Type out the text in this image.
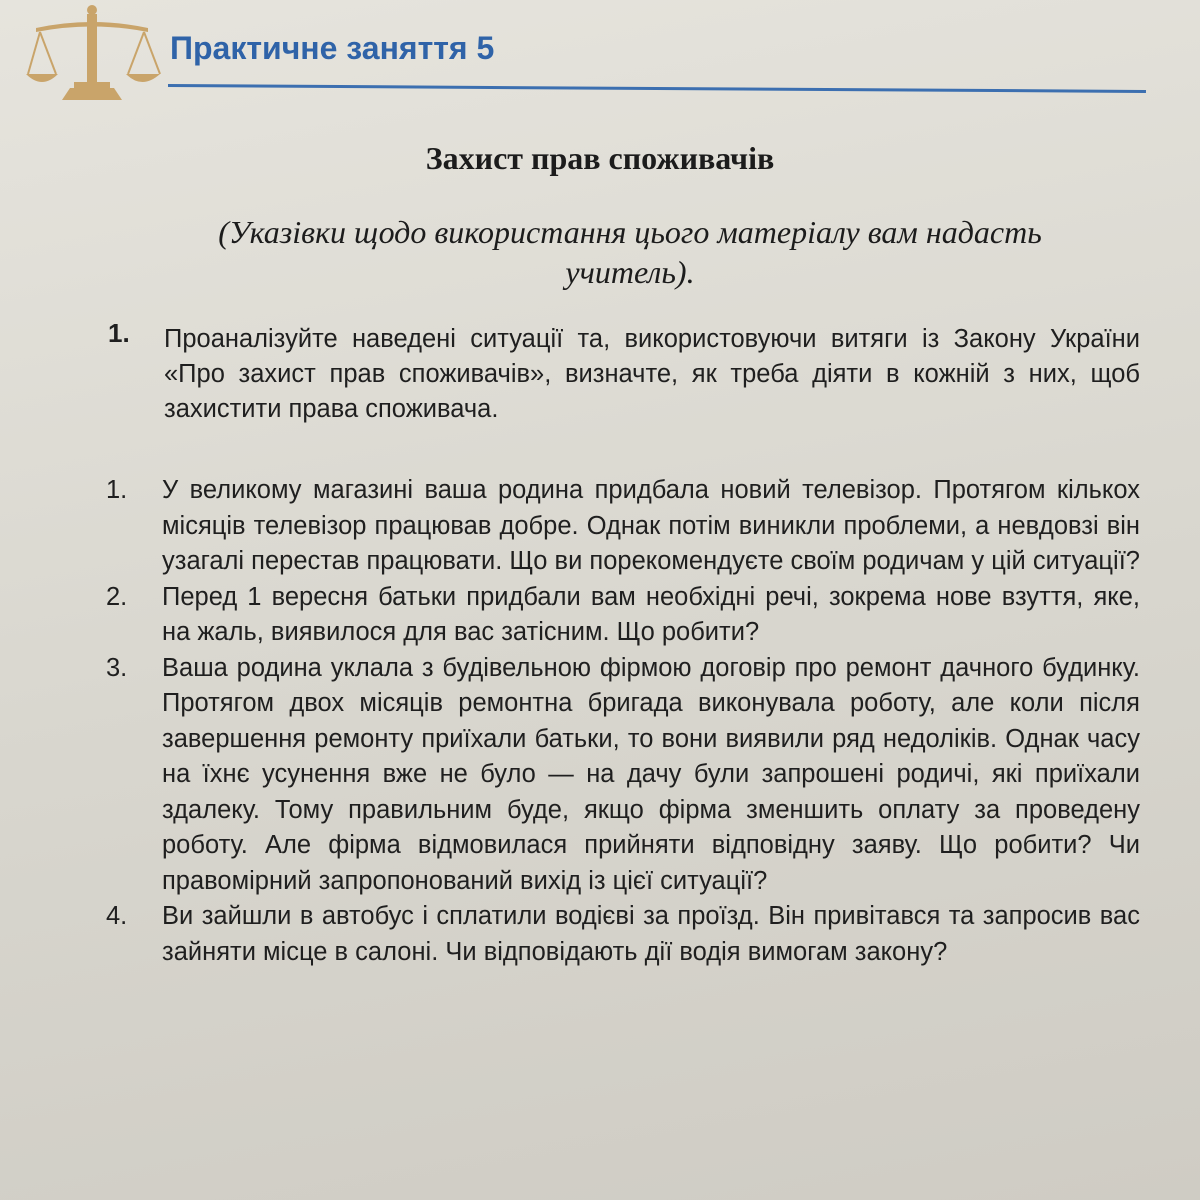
Практичне заняття 5
Захист прав споживачів
(Указівки щодо використання цього матеріалу вам надасть учитель).
1. Проаналізуйте наведені ситуації та, використовуючи витяги із Закону України «Про захист прав споживачів», визначте, як треба діяти в кожній з них, щоб захистити права споживача.
1. У великому магазині ваша родина придбала новий телевізор. Протягом кількох місяців телевізор працював добре. Однак потім виникли проблеми, а невдовзі він узагалі перестав працювати. Що ви порекомендуєте своїм родичам у цій ситуації?
2. Перед 1 вересня батьки придбали вам необхідні речі, зокрема нове взуття, яке, на жаль, виявилося для вас затісним. Що робити?
3. Ваша родина уклала з будівельною фірмою договір про ремонт дачного будинку. Протягом двох місяців ремонтна бригада виконувала роботу, але коли після завершення ремонту приїхали батьки, то вони виявили ряд недоліків. Однак часу на їхнє усунення вже не було — на дачу були запрошені родичі, які приїхали здалеку. Тому правильним буде, якщо фірма зменшить оплату за проведену роботу. Але фірма відмовилася прийняти відповідну заяву. Що робити? Чи правомірний запропонований вихід із цієї ситуації?
4. Ви зайшли в автобус і сплатили водієві за проїзд. Він привітався та запросив вас зайняти місце в салоні. Чи відповідають дії водія вимогам закону?
